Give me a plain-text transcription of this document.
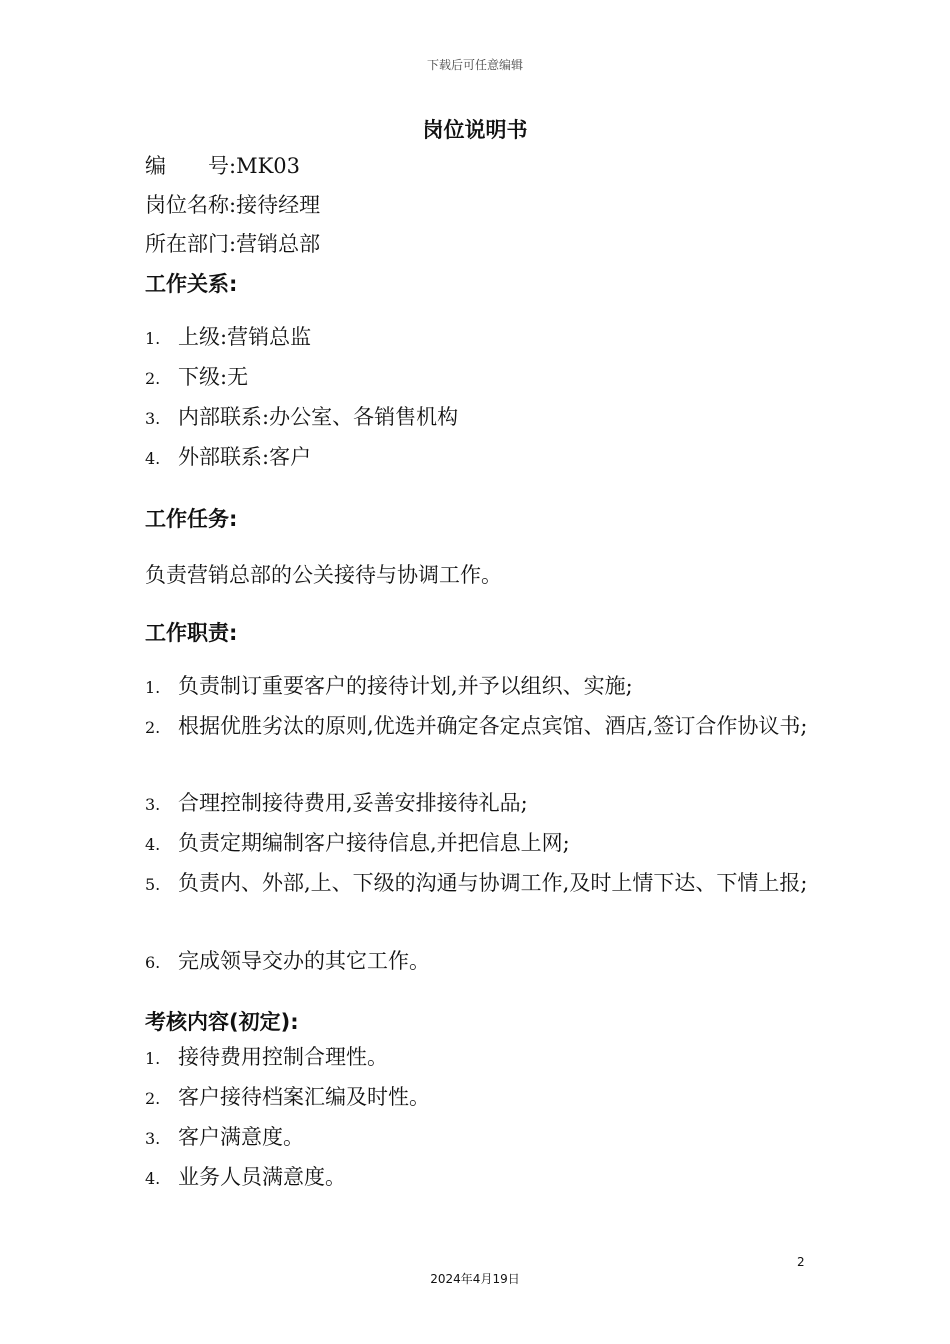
下载后可任意编辑
岗位说明书
编　　号:MK03
岗位名称:接待经理
所在部门:营销总部
工作关系:
1. 上级:营销总监
2. 下级:无
3. 内部联系:办公室、各销售机构
4. 外部联系:客户
工作任务:
负责营销总部的公关接待与协调工作。
工作职责:
1. 负责制订重要客户的接待计划,并予以组织、实施;
2. 根据优胜劣汰的原则,优选并确定各定点宾馆、酒店,签订合作协议书;
3. 合理控制接待费用,妥善安排接待礼品;
4. 负责定期编制客户接待信息,并把信息上网;
5. 负责内、外部,上、下级的沟通与协调工作,及时上情下达、下情上报;
6. 完成领导交办的其它工作。
考核内容(初定):
1. 接待费用控制合理性。
2. 客户接待档案汇编及时性。
3. 客户满意度。
4. 业务人员满意度。
2
2024年4月19日
